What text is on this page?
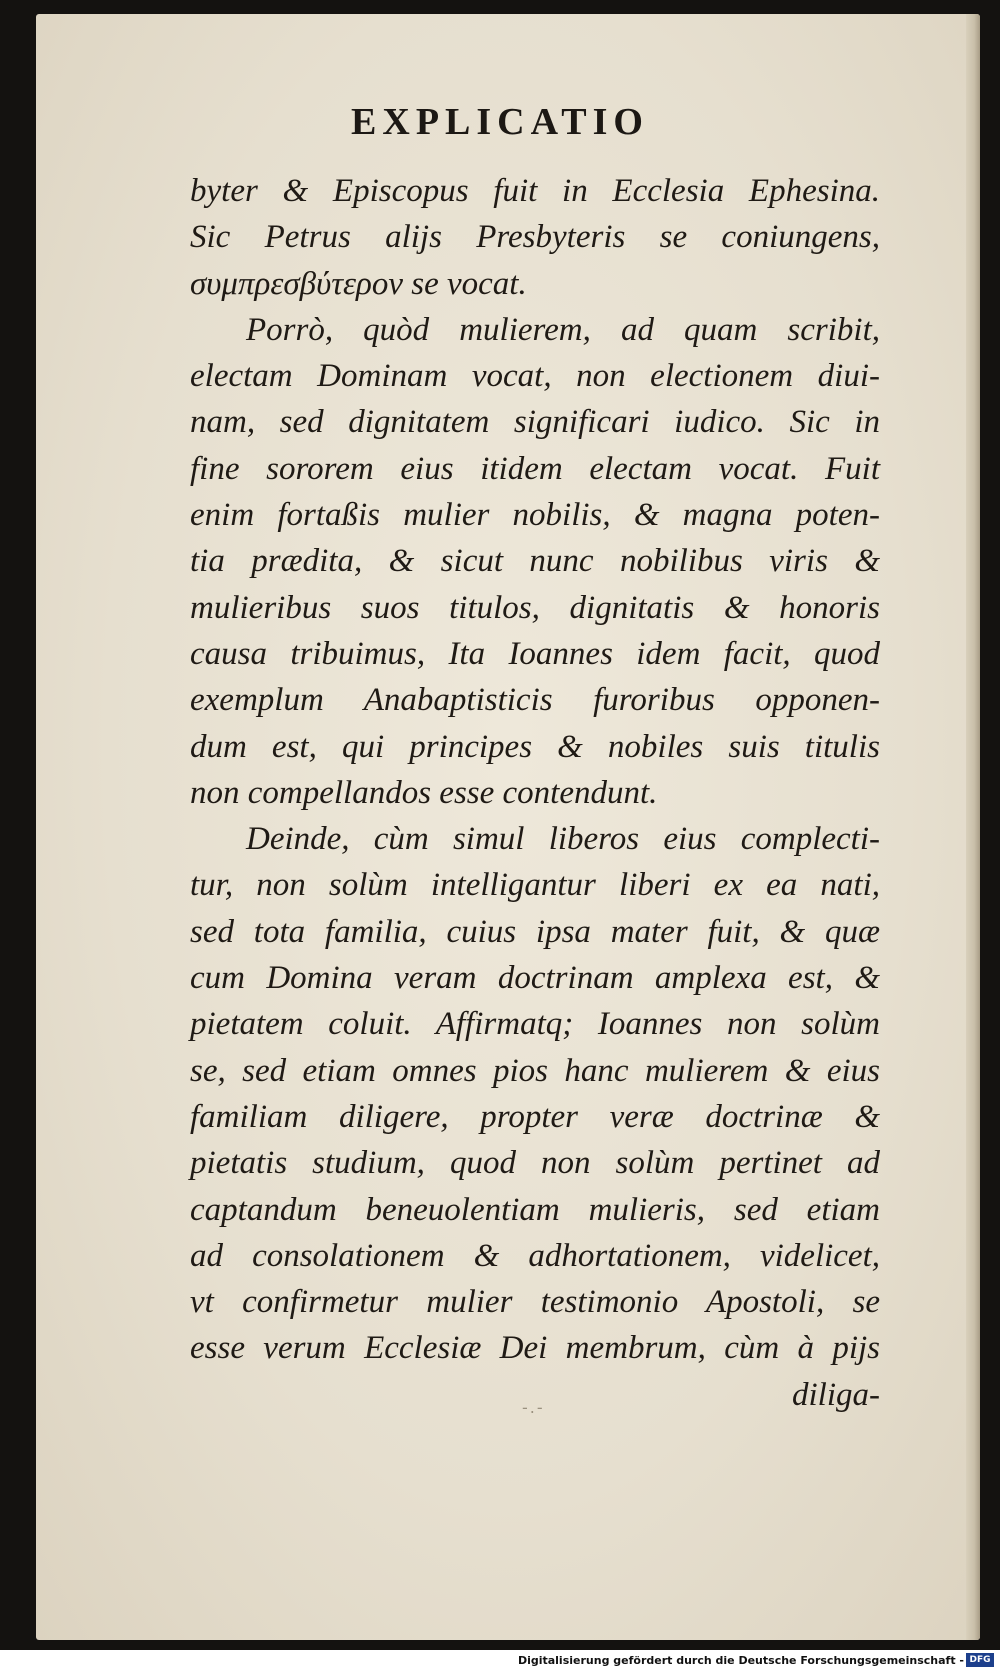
EXPLICATIO
byter & Episcopus fuit in Ecclesia Ephesina.
Sic Petrus alijs Presbyteris se coniungens,
συμπρεσβύτερον se vocat.
Porrò, quòd mulierem, ad quam scribit,
electam Dominam vocat, non electionem diui-
nam, sed dignitatem significari iudico. Sic in
fine sororem eius itidem electam vocat. Fuit
enim fortaßis mulier nobilis, & magna poten-
tia prædita, & sicut nunc nobilibus viris &
mulieribus suos titulos, dignitatis & honoris
causa tribuimus, Ita Ioannes idem facit, quod
exemplum Anabaptisticis furoribus opponen-
dum est, qui principes & nobiles suis titulis
non compellandos esse contendunt.
Deinde, cùm simul liberos eius complecti-
tur, non solùm intelligantur liberi ex ea nati,
sed tota familia, cuius ipsa mater fuit, & quæ
cum Domina veram doctrinam amplexa est, &
pietatem coluit. Affirmatq; Ioannes non solùm
se, sed etiam omnes pios hanc mulierem & eius
familiam diligere, propter veræ doctrinæ &
pietatis studium, quod non solùm pertinet ad
captandum beneuolentiam mulieris, sed etiam
ad consolationem & adhortationem, videlicet,
vt confirmetur mulier testimonio Apostoli, se
esse verum Ecclesiæ Dei membrum, cùm à pijs
diliga-
-.-
Digitalisierung gefördert durch die Deutsche Forschungsgemeinschaft - DFG
